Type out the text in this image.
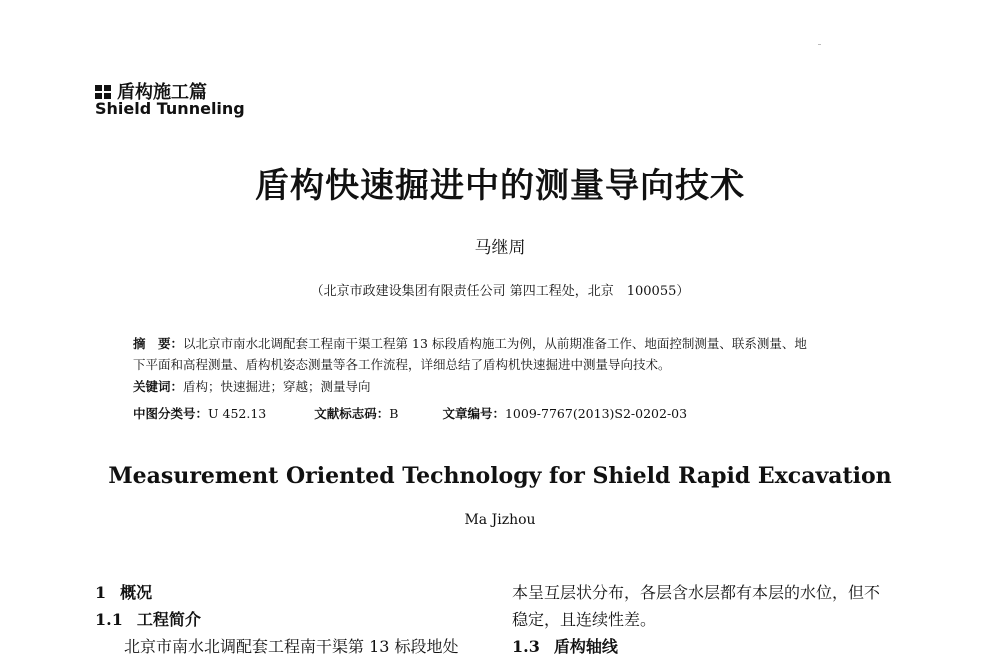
盾构施工篇
Shield Tunneling
盾构快速掘进中的测量导向技术
马继周
（北京市政建设集团有限责任公司 第四工程处，北京　100055）
摘　要：以北京市南水北调配套工程南干渠工程第 13 标段盾构施工为例，从前期准备工作、地面控制测量、联系测量、地
下平面和高程测量、盾构机姿态测量等各工作流程，详细总结了盾构机快速掘进中测量导向技术。
关键词：盾构；快速掘进；穿越；测量导向
中图分类号：U 452.13	文献标志码：B	文章编号：1009-7767(2013)S2-0202-03
Measurement Oriented Technology for Shield Rapid Excavation
Ma Jizhou
1 概况
1.1 工程简介
北京市南水北调配套工程南干渠第 13 标段地处
本呈互层状分布，各层含水层都有本层的水位，但不
稳定，且连续性差。
1.3 盾构轴线
